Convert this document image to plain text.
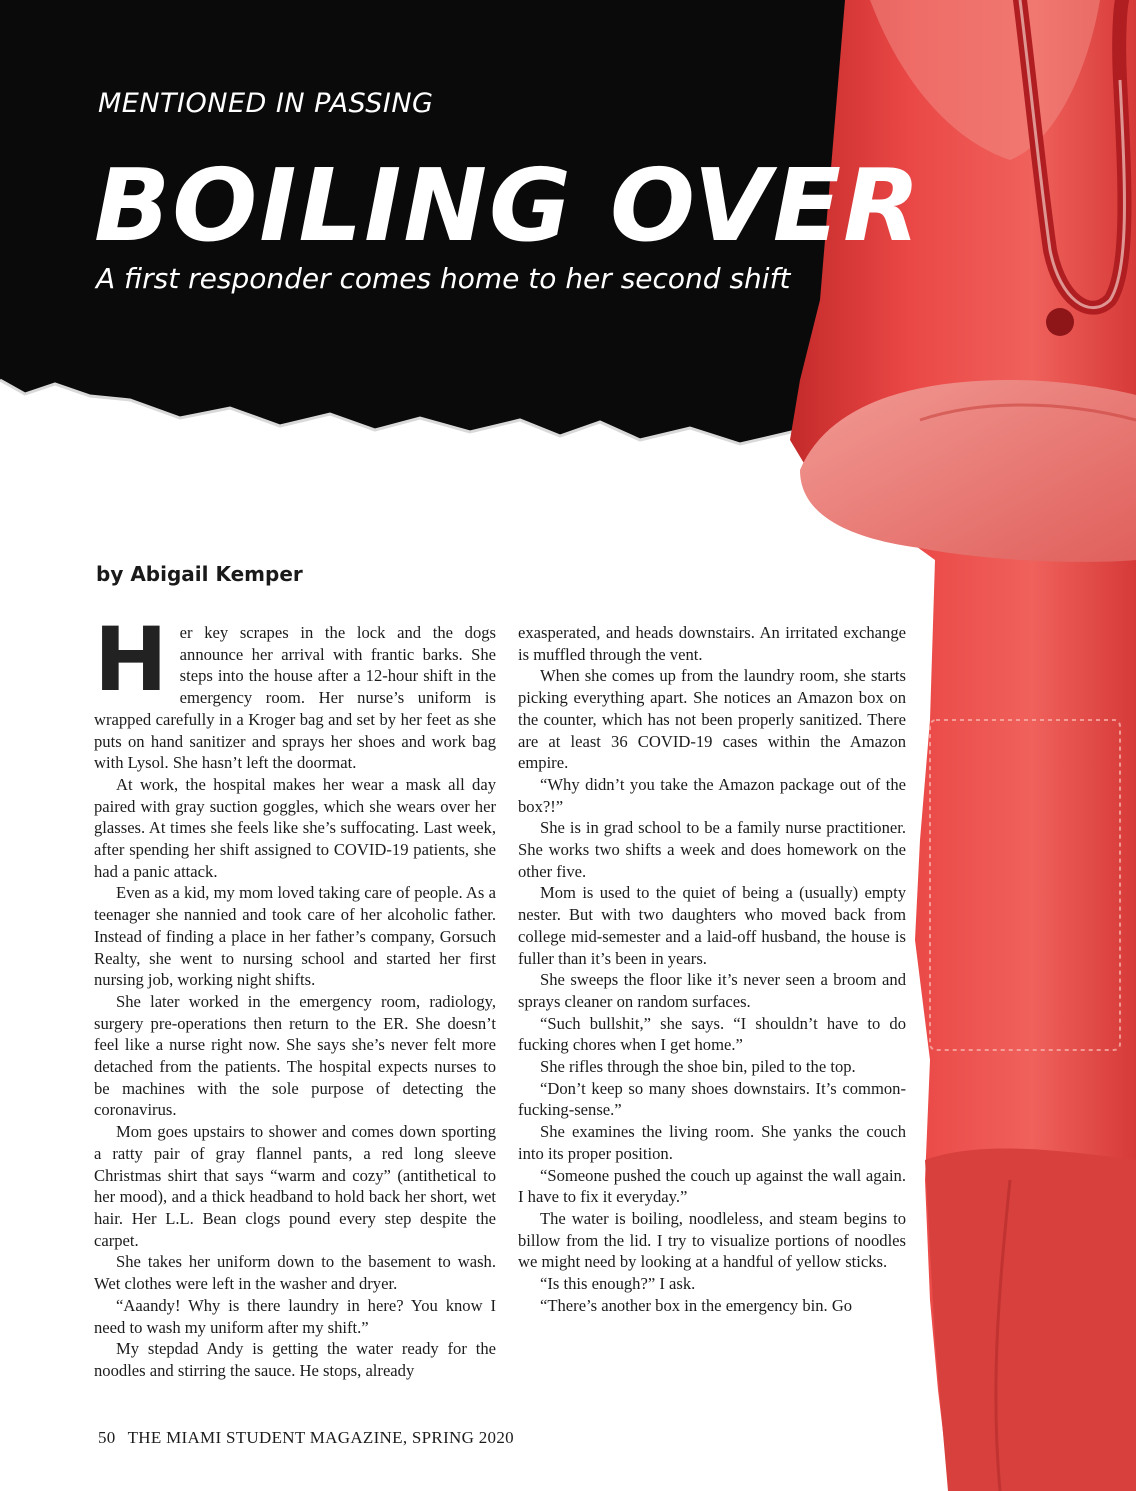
MENTIONED IN PASSING
BOILING OVER
A first responder comes home to her second shift
by Abigail Kemper

Her key scrapes in the lock and the dogs announce her arrival with frantic barks. She steps into the house after a 12-hour shift in the emergency room. Her nurse’s uniform is wrapped carefully in a Kroger bag and set by her feet as she puts on hand sanitizer and sprays her shoes and work bag with Lysol. She hasn’t left the doormat.

At work, the hospital makes her wear a mask all day paired with gray suction goggles, which she wears over her glasses. At times she feels like she’s suffocating. Last week, after spending her shift assigned to COVID-19 patients, she had a panic attack.

Even as a kid, my mom loved taking care of people. As a teenager she nannied and took care of her alcoholic father. Instead of finding a place in her father’s company, Gorsuch Realty, she went to nursing school and started her first nursing job, working night shifts.

She later worked in the emergency room, radiology, surgery pre-operations then return to the ER. She doesn’t feel like a nurse right now. She says she’s never felt more detached from the patients. The hospital expects nurses to be machines with the sole purpose of detecting the coronavirus.

Mom goes upstairs to shower and comes down sporting a ratty pair of gray flannel pants, a red long sleeve Christmas shirt that says “warm and cozy” (antithetical to her mood), and a thick headband to hold back her short, wet hair. Her L.L. Bean clogs pound every step despite the carpet.

She takes her uniform down to the basement to wash. Wet clothes were left in the washer and dryer.

“Aaandy! Why is there laundry in here? You know I need to wash my uniform after my shift.”

My stepdad Andy is getting the water ready for the noodles and stirring the sauce. He stops, already

exasperated, and heads downstairs. An irritated exchange is muffled through the vent.

When she comes up from the laundry room, she starts picking everything apart. She notices an Amazon box on the counter, which has not been properly sanitized. There are at least 36 COVID-19 cases within the Amazon empire.

“Why didn’t you take the Amazon package out of the box?!”

She is in grad school to be a family nurse practitioner. She works two shifts a week and does homework on the other five.

Mom is used to the quiet of being a (usually) empty nester. But with two daughters who moved back from college mid-semester and a laid-off husband, the house is fuller than it’s been in years.

She sweeps the floor like it’s never seen a broom and sprays cleaner on random surfaces.

“Such bullshit,” she says. “I shouldn’t have to do fucking chores when I get home.”

She rifles through the shoe bin, piled to the top.

“Don’t keep so many shoes downstairs. It’s common-fucking-sense.”

She examines the living room. She yanks the couch into its proper position.

“Someone pushed the couch up against the wall again. I have to fix it everyday.”

The water is boiling, noodleless, and steam begins to billow from the lid. I try to visualize portions of noodles we might need by looking at a handful of yellow sticks.

“Is this enough?” I ask.

“There’s another box in the emergency bin. Go

50 THE MIAMI STUDENT MAGAZINE, SPRING 2020
